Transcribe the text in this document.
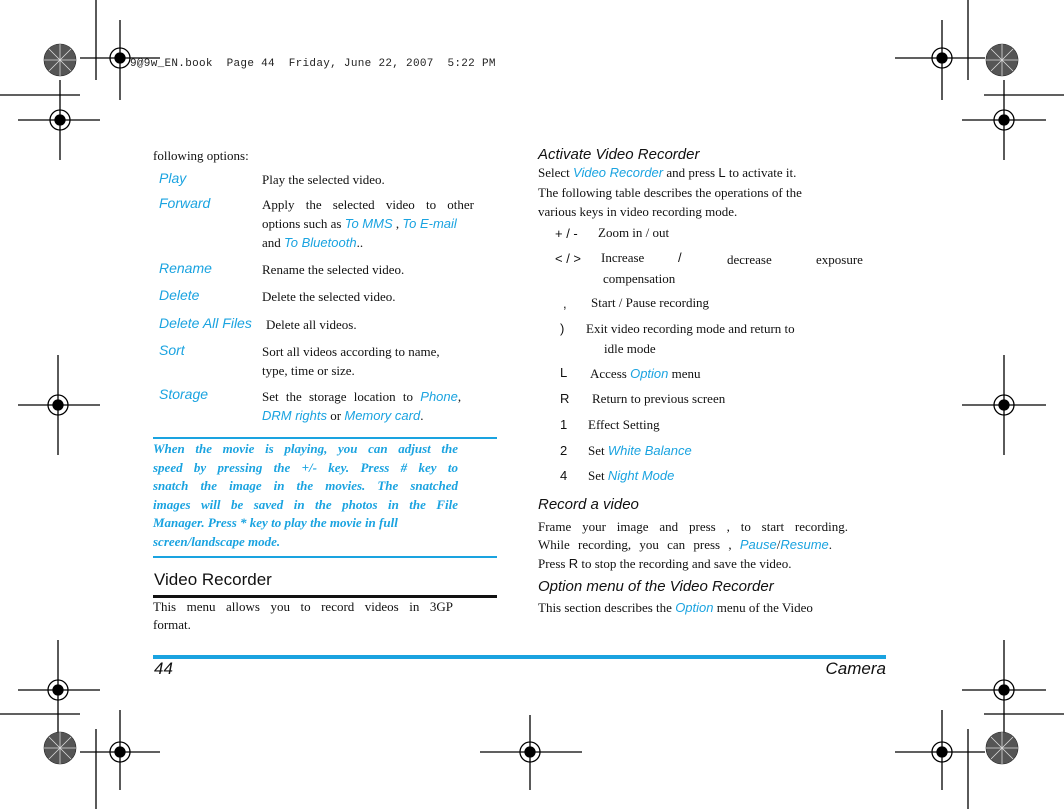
9@9w_EN.book  Page 44  Friday, June 22, 2007  5:22 PM
following options:
Play	Play the selected video.
Forward	Apply the selected video to other
options such as To MMS , To E-mail
and To Bluetooth..
Rename	Rename the selected video.
Delete	Delete the selected video.
Delete All Files Delete all videos.
Sort	Sort all videos according to name,
type, time or size.
Storage	Set the storage location to Phone,
DRM rights or Memory card.
When the movie is playing, you can adjust the
speed by pressing the +/- key. Press # key to
snatch the image in the movies. The snatched
images will be saved in the photos in the File
Manager. Press * key to play the movie in full
screen/landscape mode.
Video Recorder
This menu allows you to record videos in 3GP
format.
Activate Video Recorder
Select Video Recorder and press L to activate it.
The following table describes the operations of the
various keys in video recording mode.
+ / - Zoom in / out
< / > Increase	/	decrease	exposure
compensation
, Start / Pause recording
) Exit video recording mode and return to
idle mode
L Access Option menu
R Return to previous screen
1 Effect Setting
2 Set White Balance
4 Set Night Mode
Record a video
Frame your image and press , to start recording.
While recording, you can press , Pause/Resume.
Press R to stop the recording and save the video.
Option menu of the Video Recorder
This section describes the Option menu of the Video
44	Camera
